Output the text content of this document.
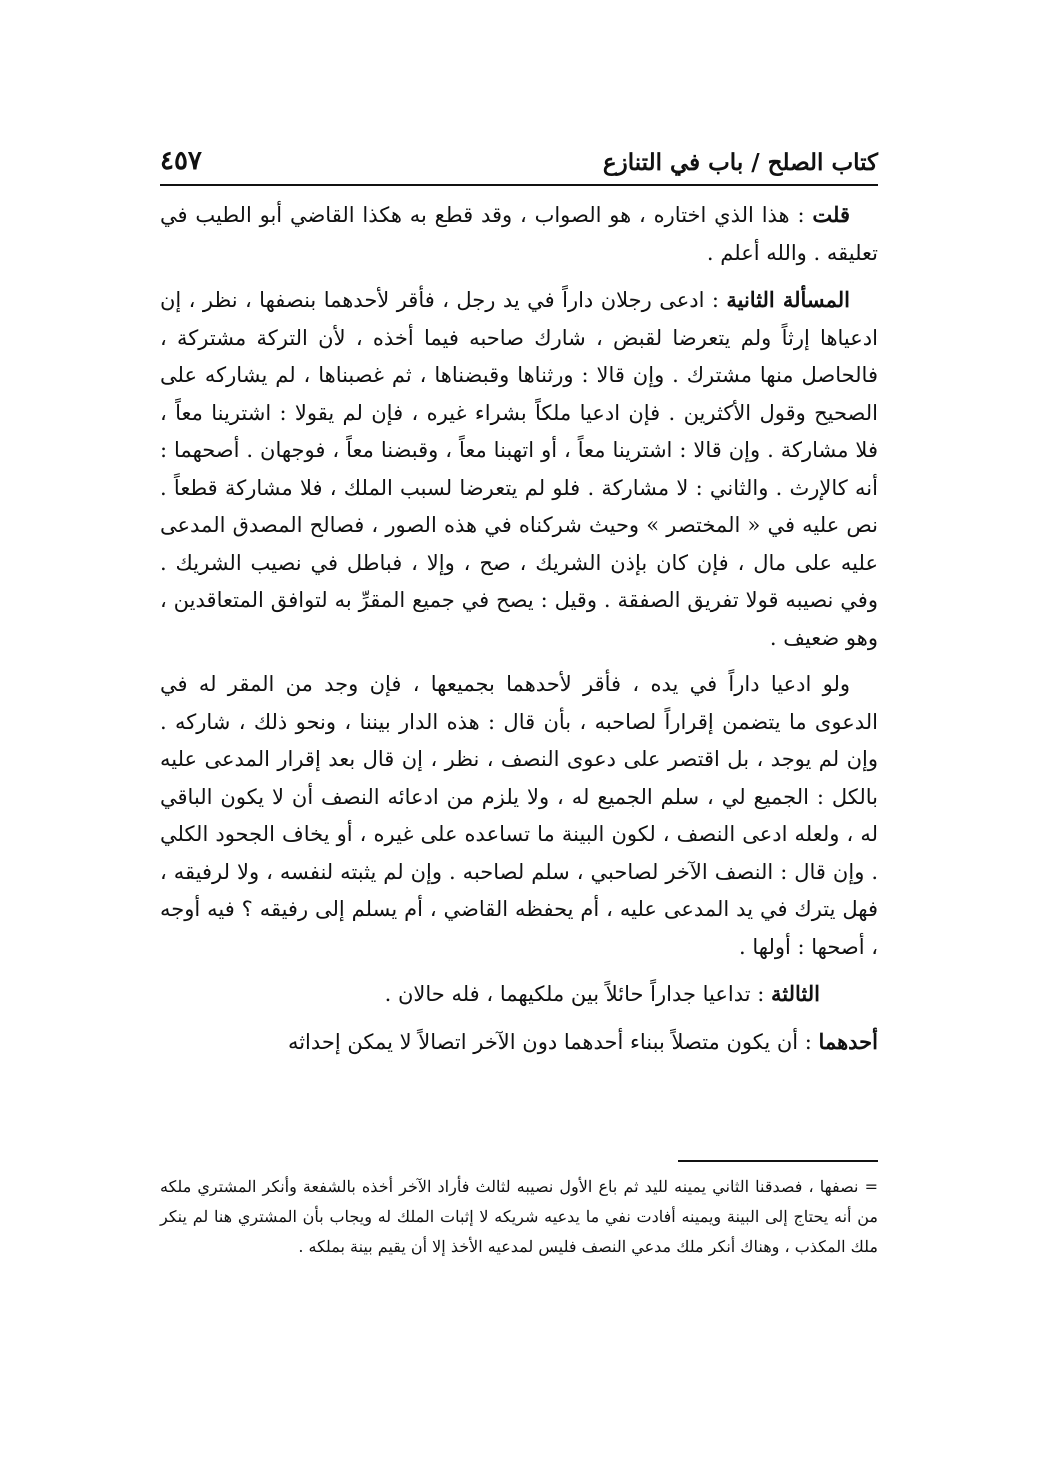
كتاب الصلح / باب في التنازع
٤٥٧

قلت : هذا الذي اختاره ، هو الصواب ، وقد قطع به هكذا القاضي أبو الطيب في تعليقه . والله أعلم .

المسألة الثانية : ادعى رجلان داراً في يد رجل ، فأقر لأحدهما بنصفها ، نظر ، إن ادعياها إرثاً ولم يتعرضا لقبض ، شارك صاحبه فيما أخذه ، لأن التركة مشتركة ، فالحاصل منها مشترك . وإن قالا : ورثناها وقبضناها ، ثم غصبناها ، لم يشاركه على الصحيح وقول الأكثرين . فإن ادعيا ملكاً بشراء غيره ، فإن لم يقولا : اشترينا معاً ، فلا مشاركة . وإن قالا : اشترينا معاً ، أو اتهبنا معاً ، وقبضنا معاً ، فوجهان . أصحهما : أنه كالإرث . والثاني : لا مشاركة . فلو لم يتعرضا لسبب الملك ، فلا مشاركة قطعاً . نص عليه في « المختصر » وحيث شركناه في هذه الصور ، فصالح المصدق المدعى عليه على مال ، فإن كان بإذن الشريك ، صح ، وإلا ، فباطل في نصيب الشريك . وفي نصيبه قولا تفريق الصفقة . وقيل : يصح في جميع المقرِّ به لتوافق المتعاقدين ، وهو ضعيف .

ولو ادعيا داراً في يده ، فأقر لأحدهما بجميعها ، فإن وجد من المقر له في الدعوى ما يتضمن إقراراً لصاحبه ، بأن قال : هذه الدار بيننا ، ونحو ذلك ، شاركه . وإن لم يوجد ، بل اقتصر على دعوى النصف ، نظر ، إن قال بعد إقرار المدعى عليه بالكل : الجميع لي ، سلم الجميع له ، ولا يلزم من ادعائه النصف أن لا يكون الباقي له ، ولعله ادعى النصف ، لكون البينة ما تساعده على غيره ، أو يخاف الجحود الكلي . وإن قال : النصف الآخر لصاحبي ، سلم لصاحبه . وإن لم يثبته لنفسه ، ولا لرفيقه ، فهل يترك في يد المدعى عليه ، أم يحفظه القاضي ، أم يسلم إلى رفيقه ؟ فيه أوجه ، أصحها : أولها .

الثالثة : تداعيا جداراً حائلاً بين ملكيهما ، فله حالان .

أحدهما : أن يكون متصلاً ببناء أحدهما دون الآخر اتصالاً لا يمكن إحداثه

= نصفها ، فصدقنا الثاني يمينه لليد ثم باع الأول نصيبه لثالث فأراد الآخر أخذه بالشفعة وأنكر المشتري ملكه من أنه يحتاج إلى البينة ويمينه أفادت نفي ما يدعيه شريكه لا إثبات الملك له ويجاب بأن المشتري هنا لم ينكر ملك المكذب ، وهناك أنكر ملك مدعي النصف فليس لمدعيه الأخذ إلا أن يقيم بينة بملكه .
